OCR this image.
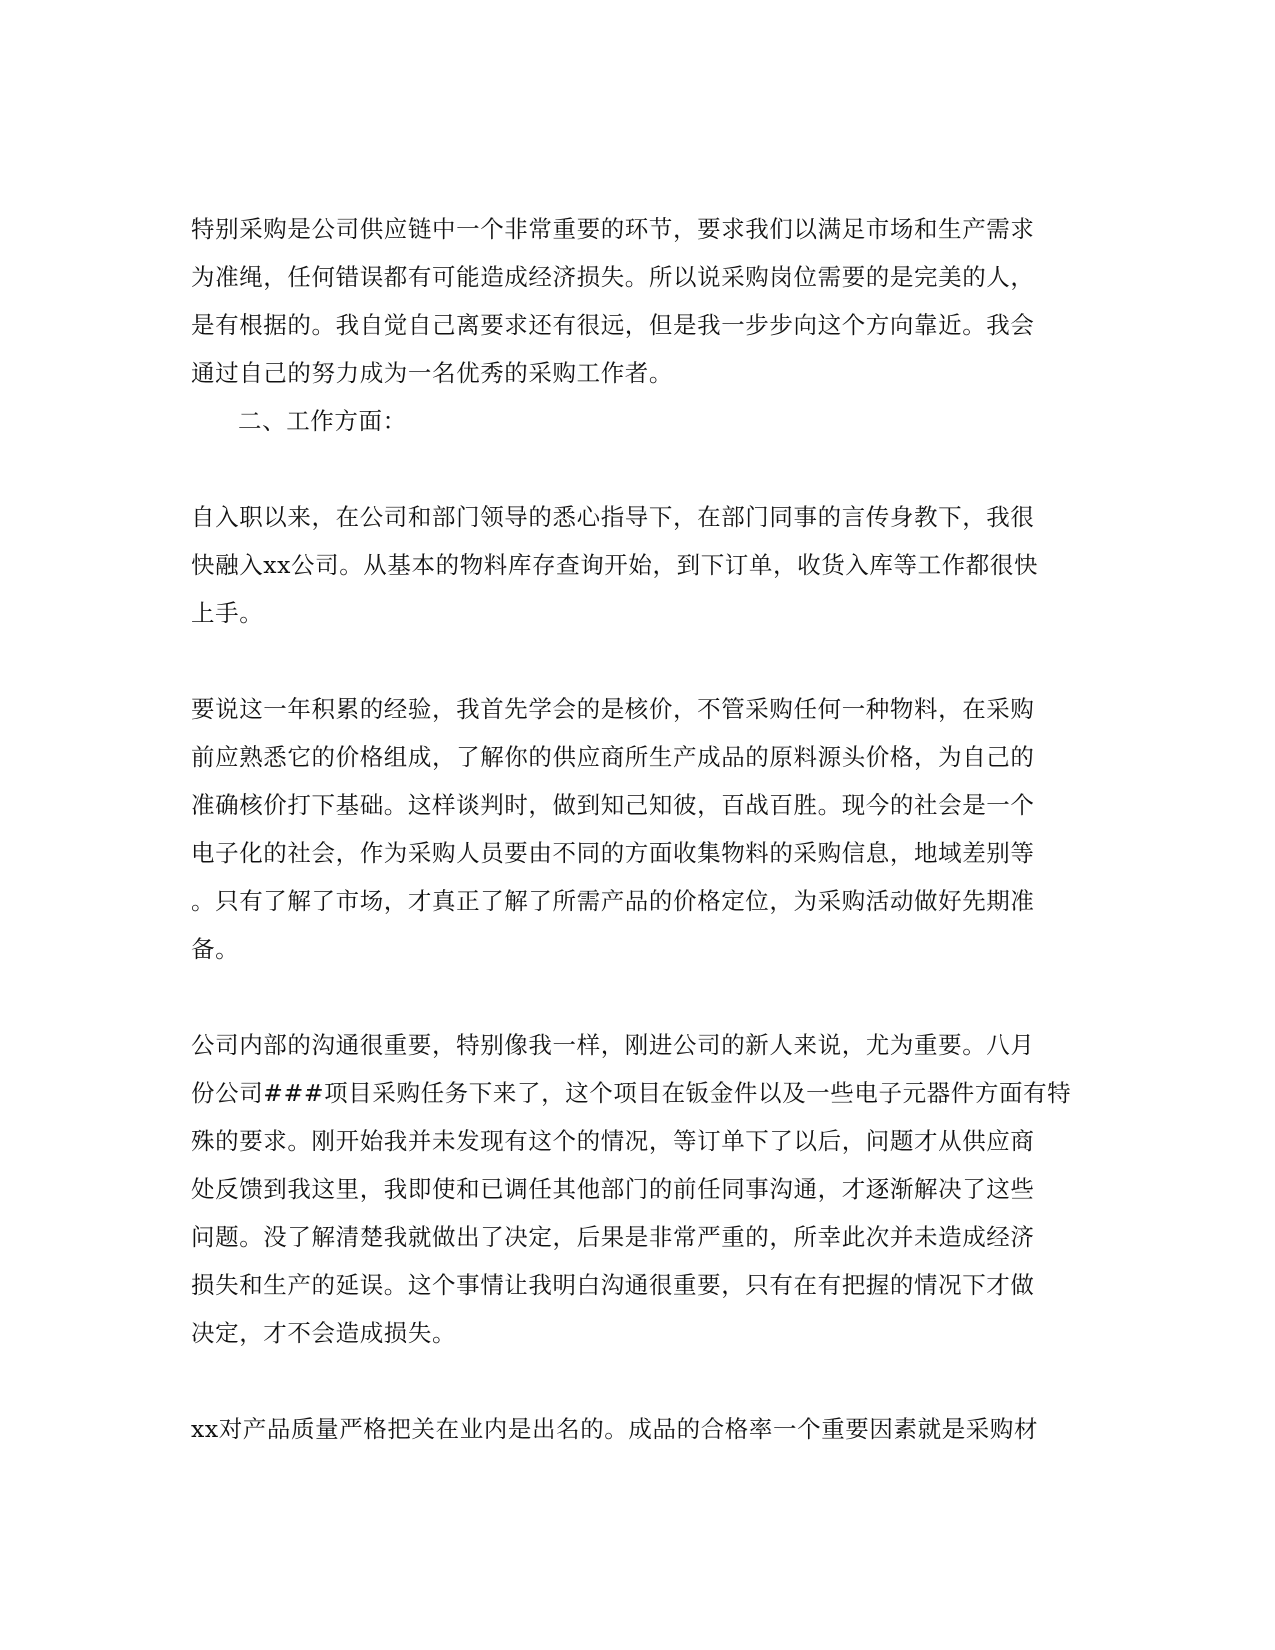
特别采购是公司供应链中一个非常重要的环节，要求我们以满足市场和生产需求
为准绳，任何错误都有可能造成经济损失。所以说采购岗位需要的是完美的人，
是有根据的。我自觉自己离要求还有很远，但是我一步步向这个方向靠近。我会
通过自己的努力成为一名优秀的采购工作者。
二、工作方面：
自入职以来，在公司和部门领导的悉心指导下，在部门同事的言传身教下，我很
快融入xx公司。从基本的物料库存查询开始，到下订单，收货入库等工作都很快
上手。
要说这一年积累的经验，我首先学会的是核价，不管采购任何一种物料，在采购
前应熟悉它的价格组成，了解你的供应商所生产成品的原料源头价格，为自己的
准确核价打下基础。这样谈判时，做到知己知彼，百战百胜。现今的社会是一个
电子化的社会，作为采购人员要由不同的方面收集物料的采购信息，地域差别等
。只有了解了市场，才真正了解了所需产品的价格定位，为采购活动做好先期准
备。
公司内部的沟通很重要，特别像我一样，刚进公司的新人来说，尤为重要。八月
份公司###项目采购任务下来了，这个项目在钣金件以及一些电子元器件方面有特
殊的要求。刚开始我并未发现有这个的情况，等订单下了以后，问题才从供应商
处反馈到我这里，我即使和已调任其他部门的前任同事沟通，才逐渐解决了这些
问题。没了解清楚我就做出了决定，后果是非常严重的，所幸此次并未造成经济
损失和生产的延误。这个事情让我明白沟通很重要，只有在有把握的情况下才做
决定，才不会造成损失。
xx对产品质量严格把关在业内是出名的。成品的合格率一个重要因素就是采购材
